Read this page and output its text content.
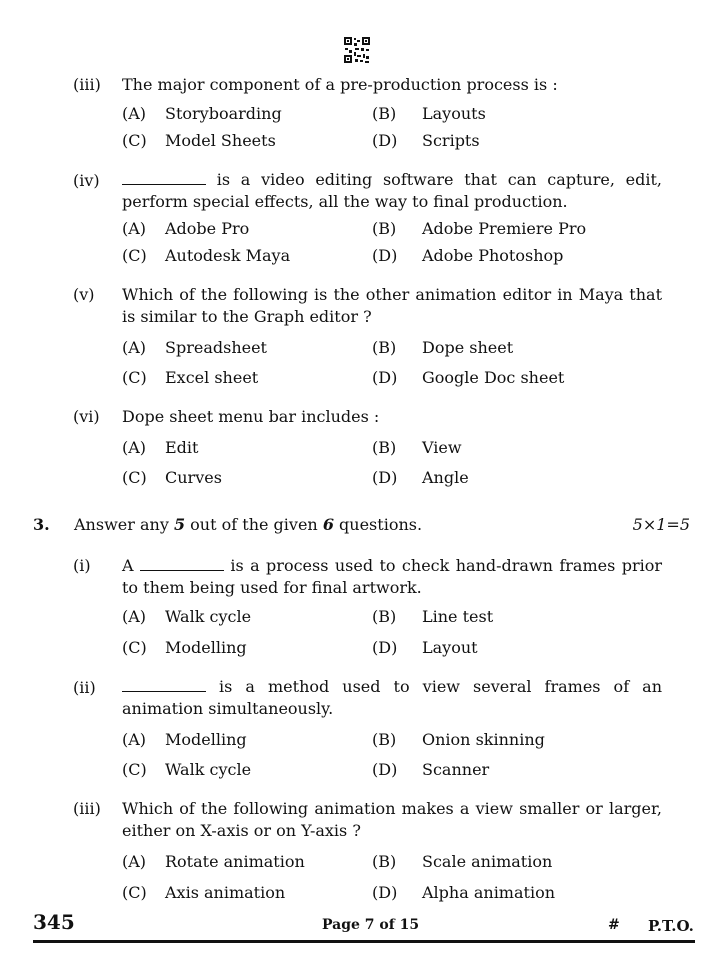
(iii) The major component of a pre-production process is :
(A) Storyboarding	(B) Layouts
(C) Model Sheets	(D) Scripts
(iv)	is a video editing software that can capture, edit, perform special effects, all the way to final production.
(A) Adobe Pro	(B) Adobe Premiere Pro
(C) Autodesk Maya	(D) Adobe Photoshop
(v) Which of the following is the other animation editor in Maya that is similar to the Graph editor ?
(A) Spreadsheet	(B) Dope sheet
(C) Excel sheet	(D) Google Doc sheet
(vi) Dope sheet menu bar includes :
(A) Edit	(B) View
(C) Curves	(D) Angle
3. Answer any 5 out of the given 6 questions.	5×1=5
(i) A	is a process used to check hand-drawn frames prior to them being used for final artwork.
(A) Walk cycle	(B) Line test
(C) Modelling	(D) Layout
(ii)	is a method used to view several frames of an animation simultaneously.
(A) Modelling	(B) Onion skinning
(C) Walk cycle	(D) Scanner
(iii) Which of the following animation makes a view smaller or larger, either on X-axis or on Y-axis ?
(A) Rotate animation	(B) Scale animation
(C) Axis animation	(D) Alpha animation
345	Page 7 of 15	# P.T.O.
